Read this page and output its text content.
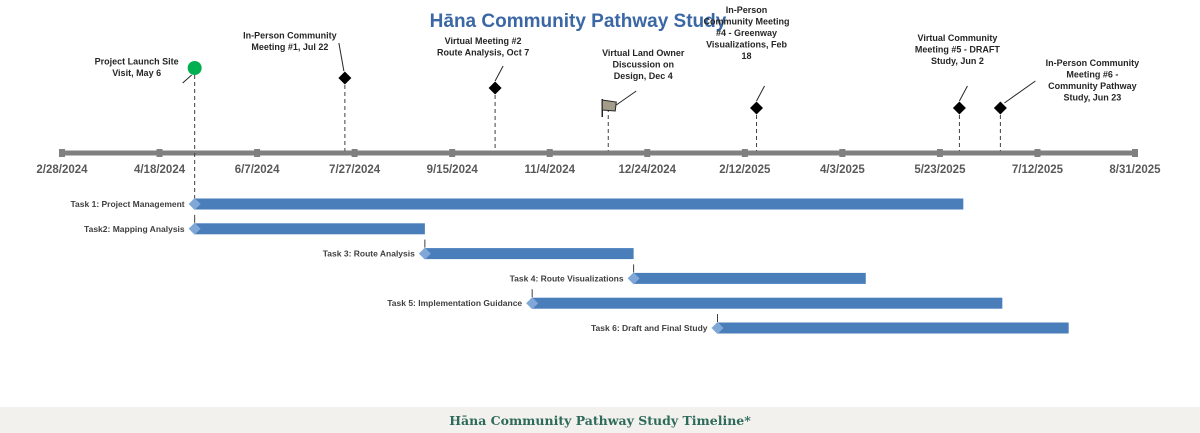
Hāna Community Pathway Study
2/28/2024	4/18/2024	6/7/2024	7/27/2024	9/15/2024	11/4/2024	12/24/2024	2/12/2025	4/3/2025	5/23/2025	7/12/2025	8/31/2025
Project Launch Site Visit, May 6
In-Person Community Meeting #1, Jul 22
Virtual Meeting #2 Route Analysis, Oct 7	Virtual Land Owner Discussion on Design, Dec 4
In-Person Community Meeting #4 - Greenway Visualizations, Feb 18
Virtual Community Meeting #5 - DRAFT Study, Jun 2	In-Person Community Meeting #6 -Community Pathway Study, Jun 23
Task 1: Project Management
Task2: Mapping Analysis
Task 3: Route Analysis
Task 4: Route Visualizations
Task 5: Implementation Guidance
Task 6: Draft and Final Study
Hāna Community Pathway Study Timeline*
